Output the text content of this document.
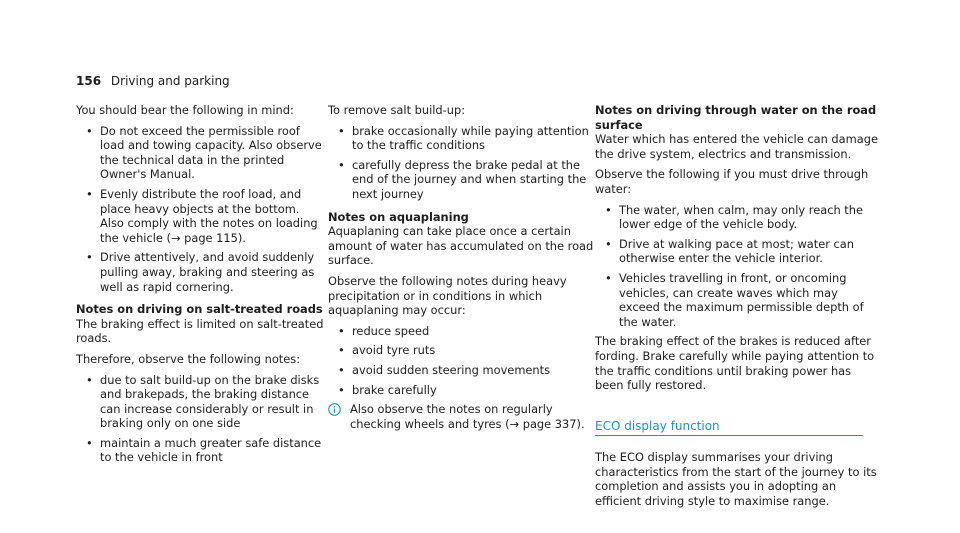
156 Driving and parking

You should bear the following in mind:

• Do not exceed the permissible roof load and towing capacity. Also observe the technical data in the printed Owner's Manual.
• Evenly distribute the roof load, and place heavy objects at the bottom. Also comply with the notes on loading the vehicle (→ page 115).
• Drive attentively, and avoid suddenly pulling away, braking and steering as well as rapid cornering.
Notes on driving on salt-treated roads

The braking effect is limited on salt-treated roads.

Therefore, observe the following notes:

• due to salt build-up on the brake disks and brakepads, the braking distance can increase considerably or result in braking only on one side
• maintain a much greater safe distance to the vehicle in front

To remove salt build-up:

• brake occasionally while paying attention to the traffic conditions
• carefully depress the brake pedal at the end of the journey and when starting the next journey
Notes on aquaplaning

Aquaplaning can take place once a certain amount of water has accumulated on the road surface.

Observe the following notes during heavy precipitation or in conditions in which aquaplaning may occur:

• reduce speed
• avoid tyre ruts
• avoid sudden steering movements
• brake carefully
Also observe the notes on regularly checking wheels and tyres (→ page 337).
Notes on driving through water on the road surface

Water which has entered the vehicle can damage the drive system, electrics and transmission.

Observe the following if you must drive through water:

• The water, when calm, may only reach the lower edge of the vehicle body.
• Drive at walking pace at most; water can otherwise enter the vehicle interior.
• Vehicles travelling in front, or oncoming vehicles, can create waves which may exceed the maximum permissible depth of the water.

The braking effect of the brakes is reduced after fording. Brake carefully while paying attention to the traffic conditions until braking power has been fully restored.

ECO display function

The ECO display summarises your driving characteristics from the start of the journey to its completion and assists you in adopting an efficient driving style to maximise range.
